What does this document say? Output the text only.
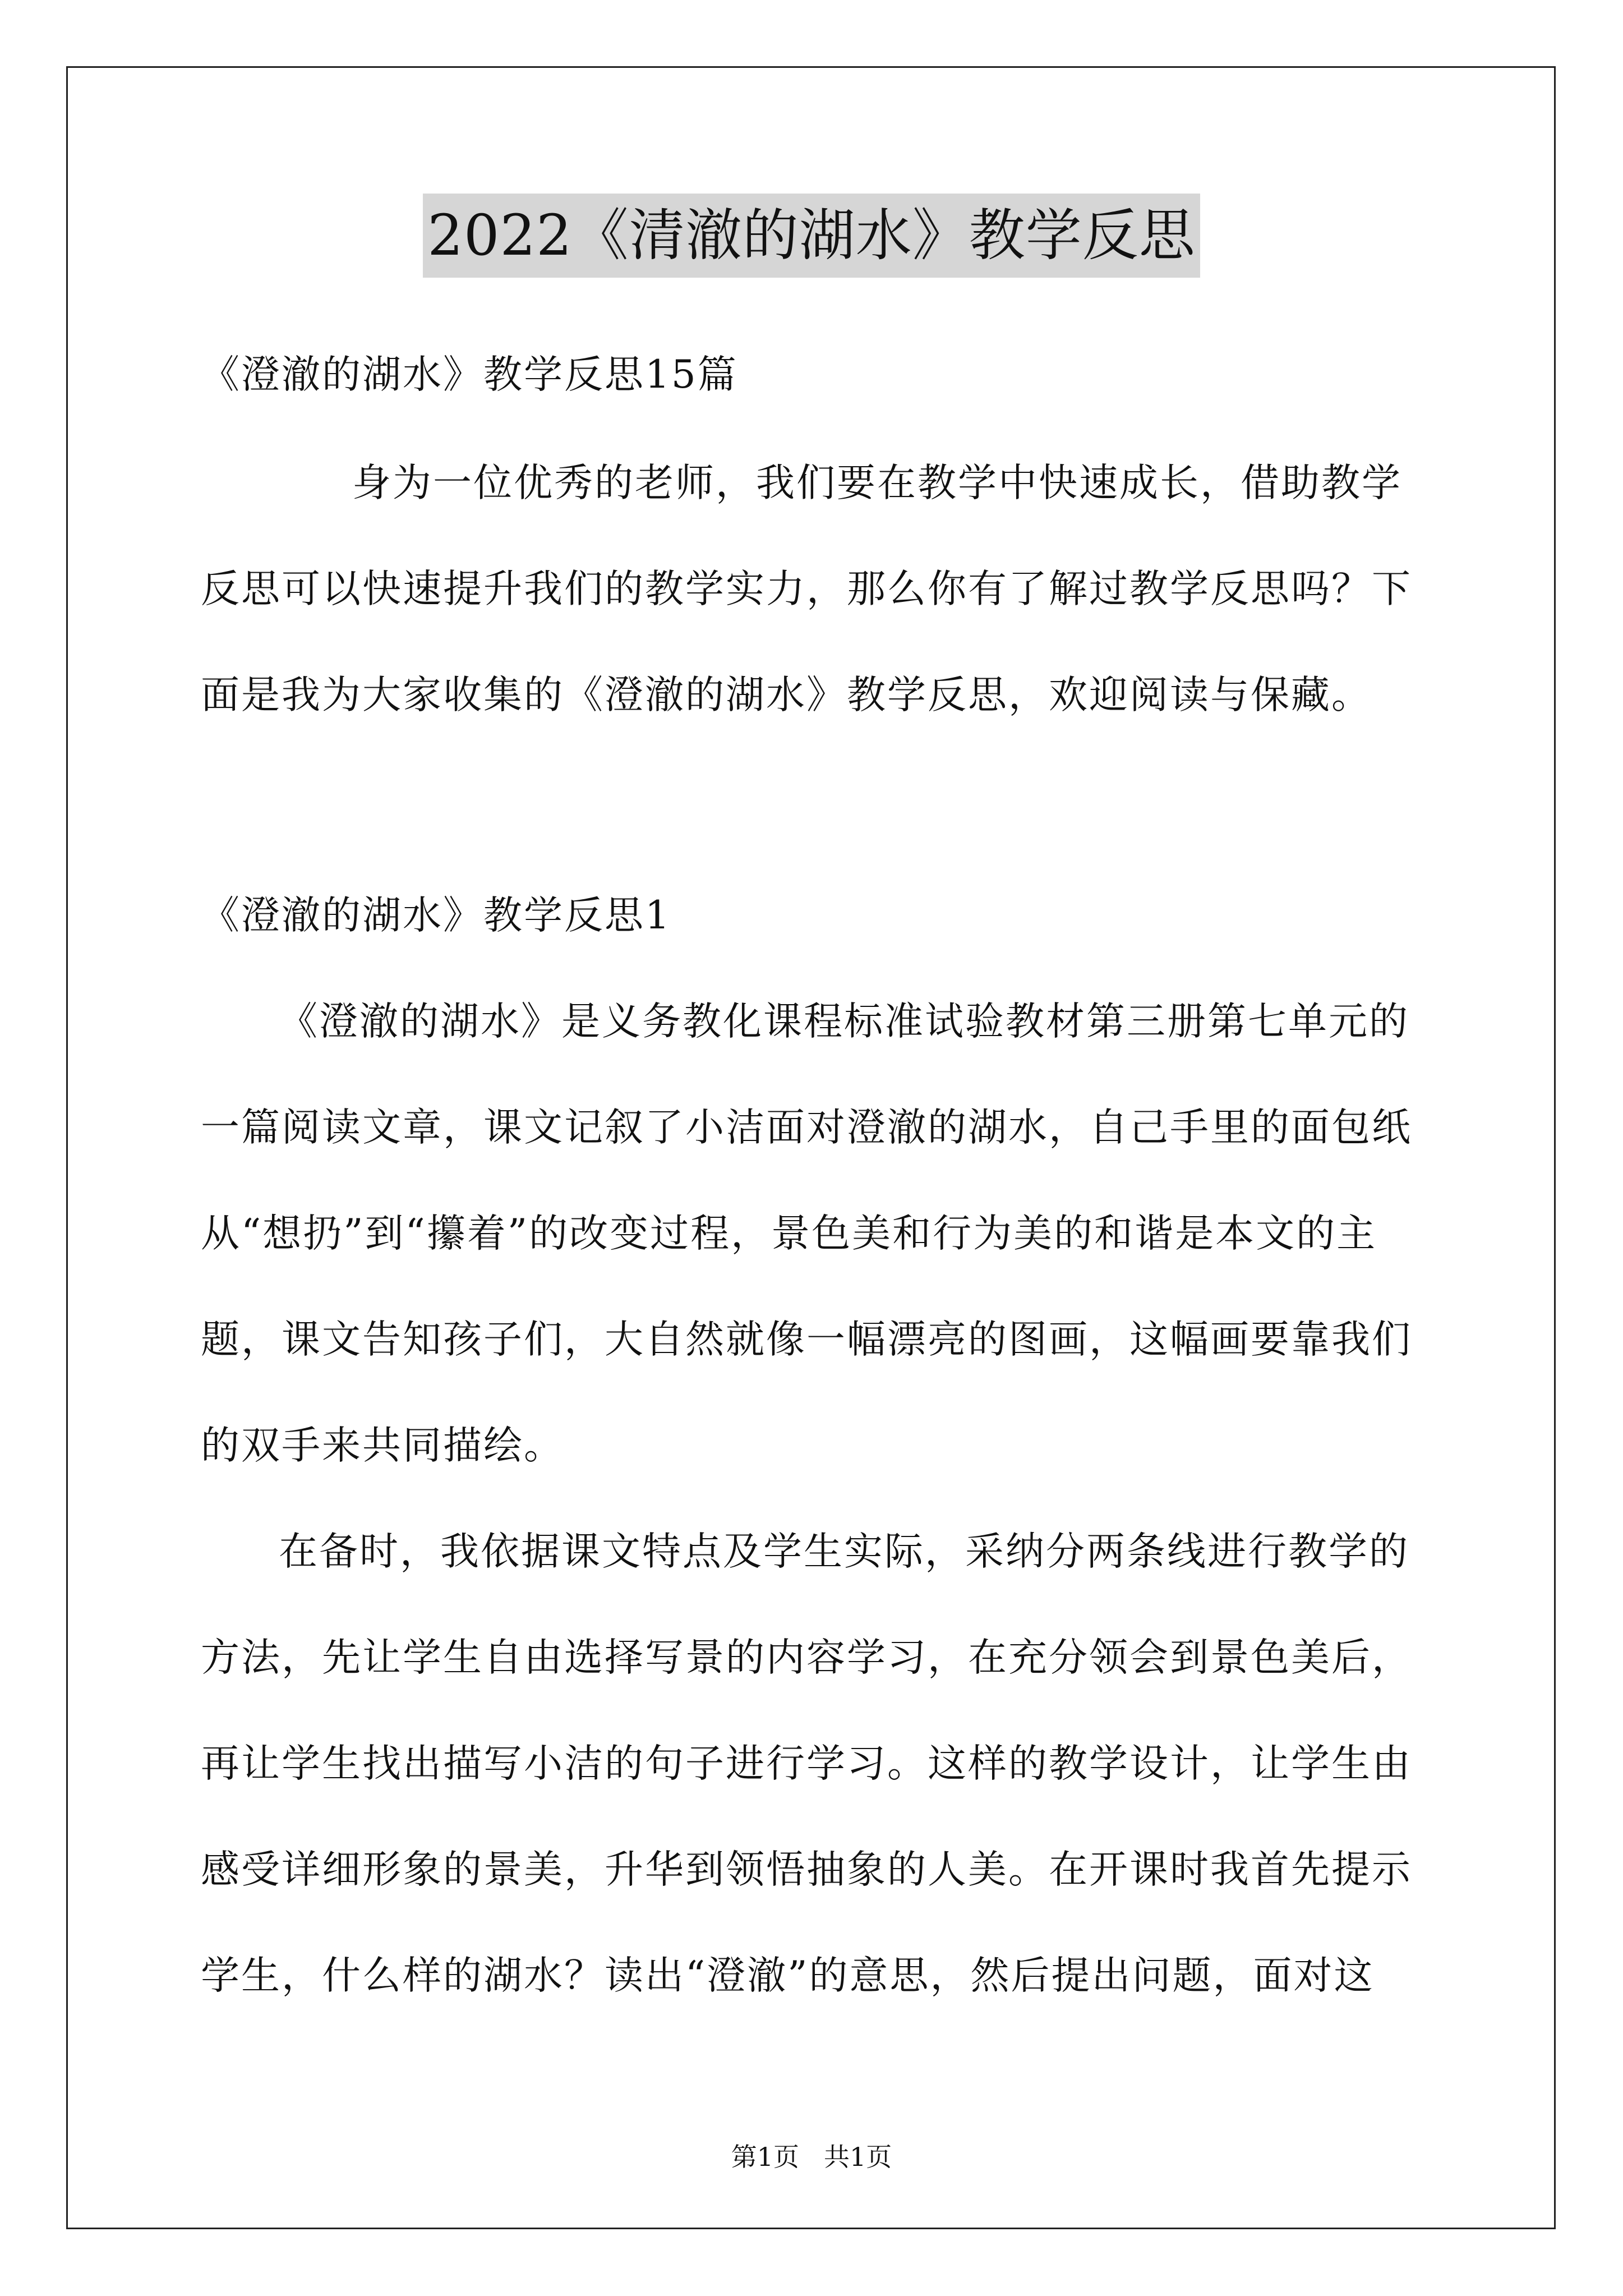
2022《清澈的湖水》教学反思

《澄澈的湖水》教学反思15篇

身为一位优秀的老师，我们要在教学中快速成长，借助教学反思可以快速提升我们的教学实力，那么你有了解过教学反思吗？下面是我为大家收集的《澄澈的湖水》教学反思，欢迎阅读与保藏。

《澄澈的湖水》教学反思1

《澄澈的湖水》是义务教化课程标准试验教材第三册第七单元的一篇阅读文章，课文记叙了小洁面对澄澈的湖水，自己手里的面包纸从“想扔”到“攥着”的改变过程，景色美和行为美的和谐是本文的主题，课文告知孩子们，大自然就像一幅漂亮的图画，这幅画要靠我们的双手来共同描绘。

在备时，我依据课文特点及学生实际，采纳分两条线进行教学的方法，先让学生自由选择写景的内容学习，在充分领会到景色美后，再让学生找出描写小洁的句子进行学习。这样的教学设计，让学生由感受详细形象的景美，升华到领悟抽象的人美。在开课时我首先提示学生，什么样的湖水？读出“澄澈”的意思，然后提出问题，面对这

第1页 共1页
